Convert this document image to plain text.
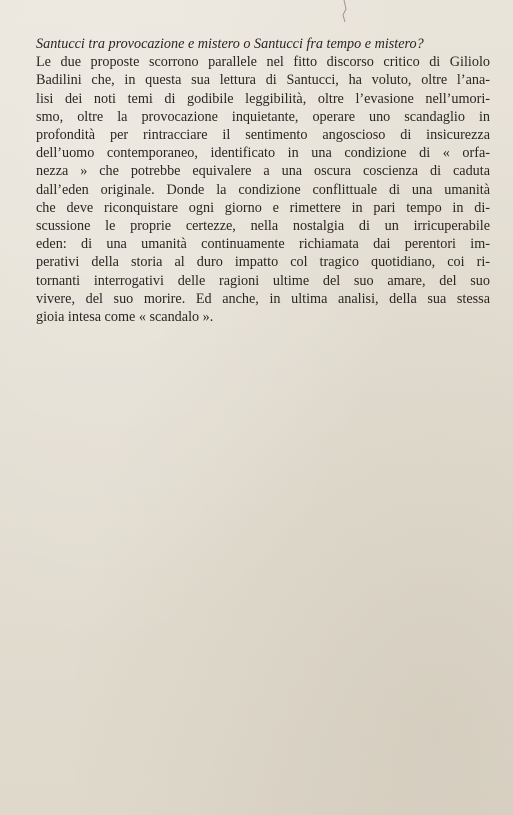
Santucci tra provocazione e mistero o Santucci fra tempo e mistero?

Le due proposte scorrono parallele nel fitto discorso critico di Giliolo

Badilini che, in questa sua lettura di Santucci, ha voluto, oltre l’ana-

lisi dei noti temi di godibile leggibilità, oltre l’evasione nell’umori-

smo, oltre la provocazione inquietante, operare uno scandaglio in

profondità per rintracciare il sentimento angoscioso di insicurezza

dell’uomo contemporaneo, identificato in una condizione di « orfa-

nezza » che potrebbe equivalere a una oscura coscienza di caduta

dall’eden originale. Donde la condizione conflittuale di una umanità

che deve riconquistare ogni giorno e rimettere in pari tempo in di-

scussione le proprie certezze, nella nostalgia di un irricuperabile

eden: di una umanità continuamente richiamata dai perentori im-

perativi della storia al duro impatto col tragico quotidiano, coi ri-

tornanti interrogativi delle ragioni ultime del suo amare, del suo

vivere, del suo morire. Ed anche, in ultima analisi, della sua stessa

gioia intesa come « scandalo ».
